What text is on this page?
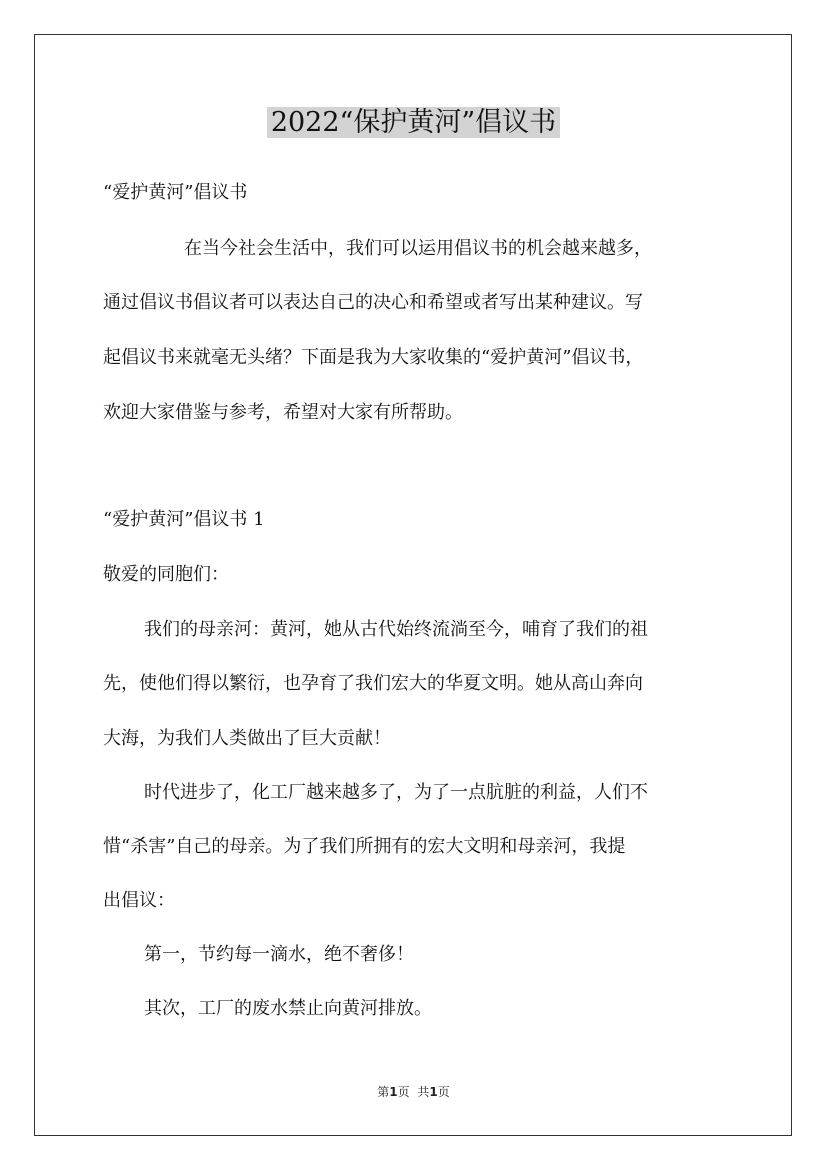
2022“保护黄河”倡议书
“爱护黄河”倡议书
在当今社会生活中，我们可以运用倡议书的机会越来越多，
通过倡议书倡议者可以表达自己的决心和希望或者写出某种建议。写
起倡议书来就毫无头绪？下面是我为大家收集的“爱护黄河”倡议书，
欢迎大家借鉴与参考，希望对大家有所帮助。
“爱护黄河”倡议书 1
敬爱的同胞们：
我们的母亲河：黄河，她从古代始终流淌至今，哺育了我们的祖
先，使他们得以繁衍，也孕育了我们宏大的华夏文明。她从高山奔向
大海，为我们人类做出了巨大贡献！
时代进步了，化工厂越来越多了，为了一点肮脏的利益，人们不
惜“杀害”自己的母亲。为了我们所拥有的宏大文明和母亲河，我提
出倡议：
第一，节约每一滴水，绝不奢侈！
其次，工厂的废水禁止向黄河排放。
第1页 共1页
